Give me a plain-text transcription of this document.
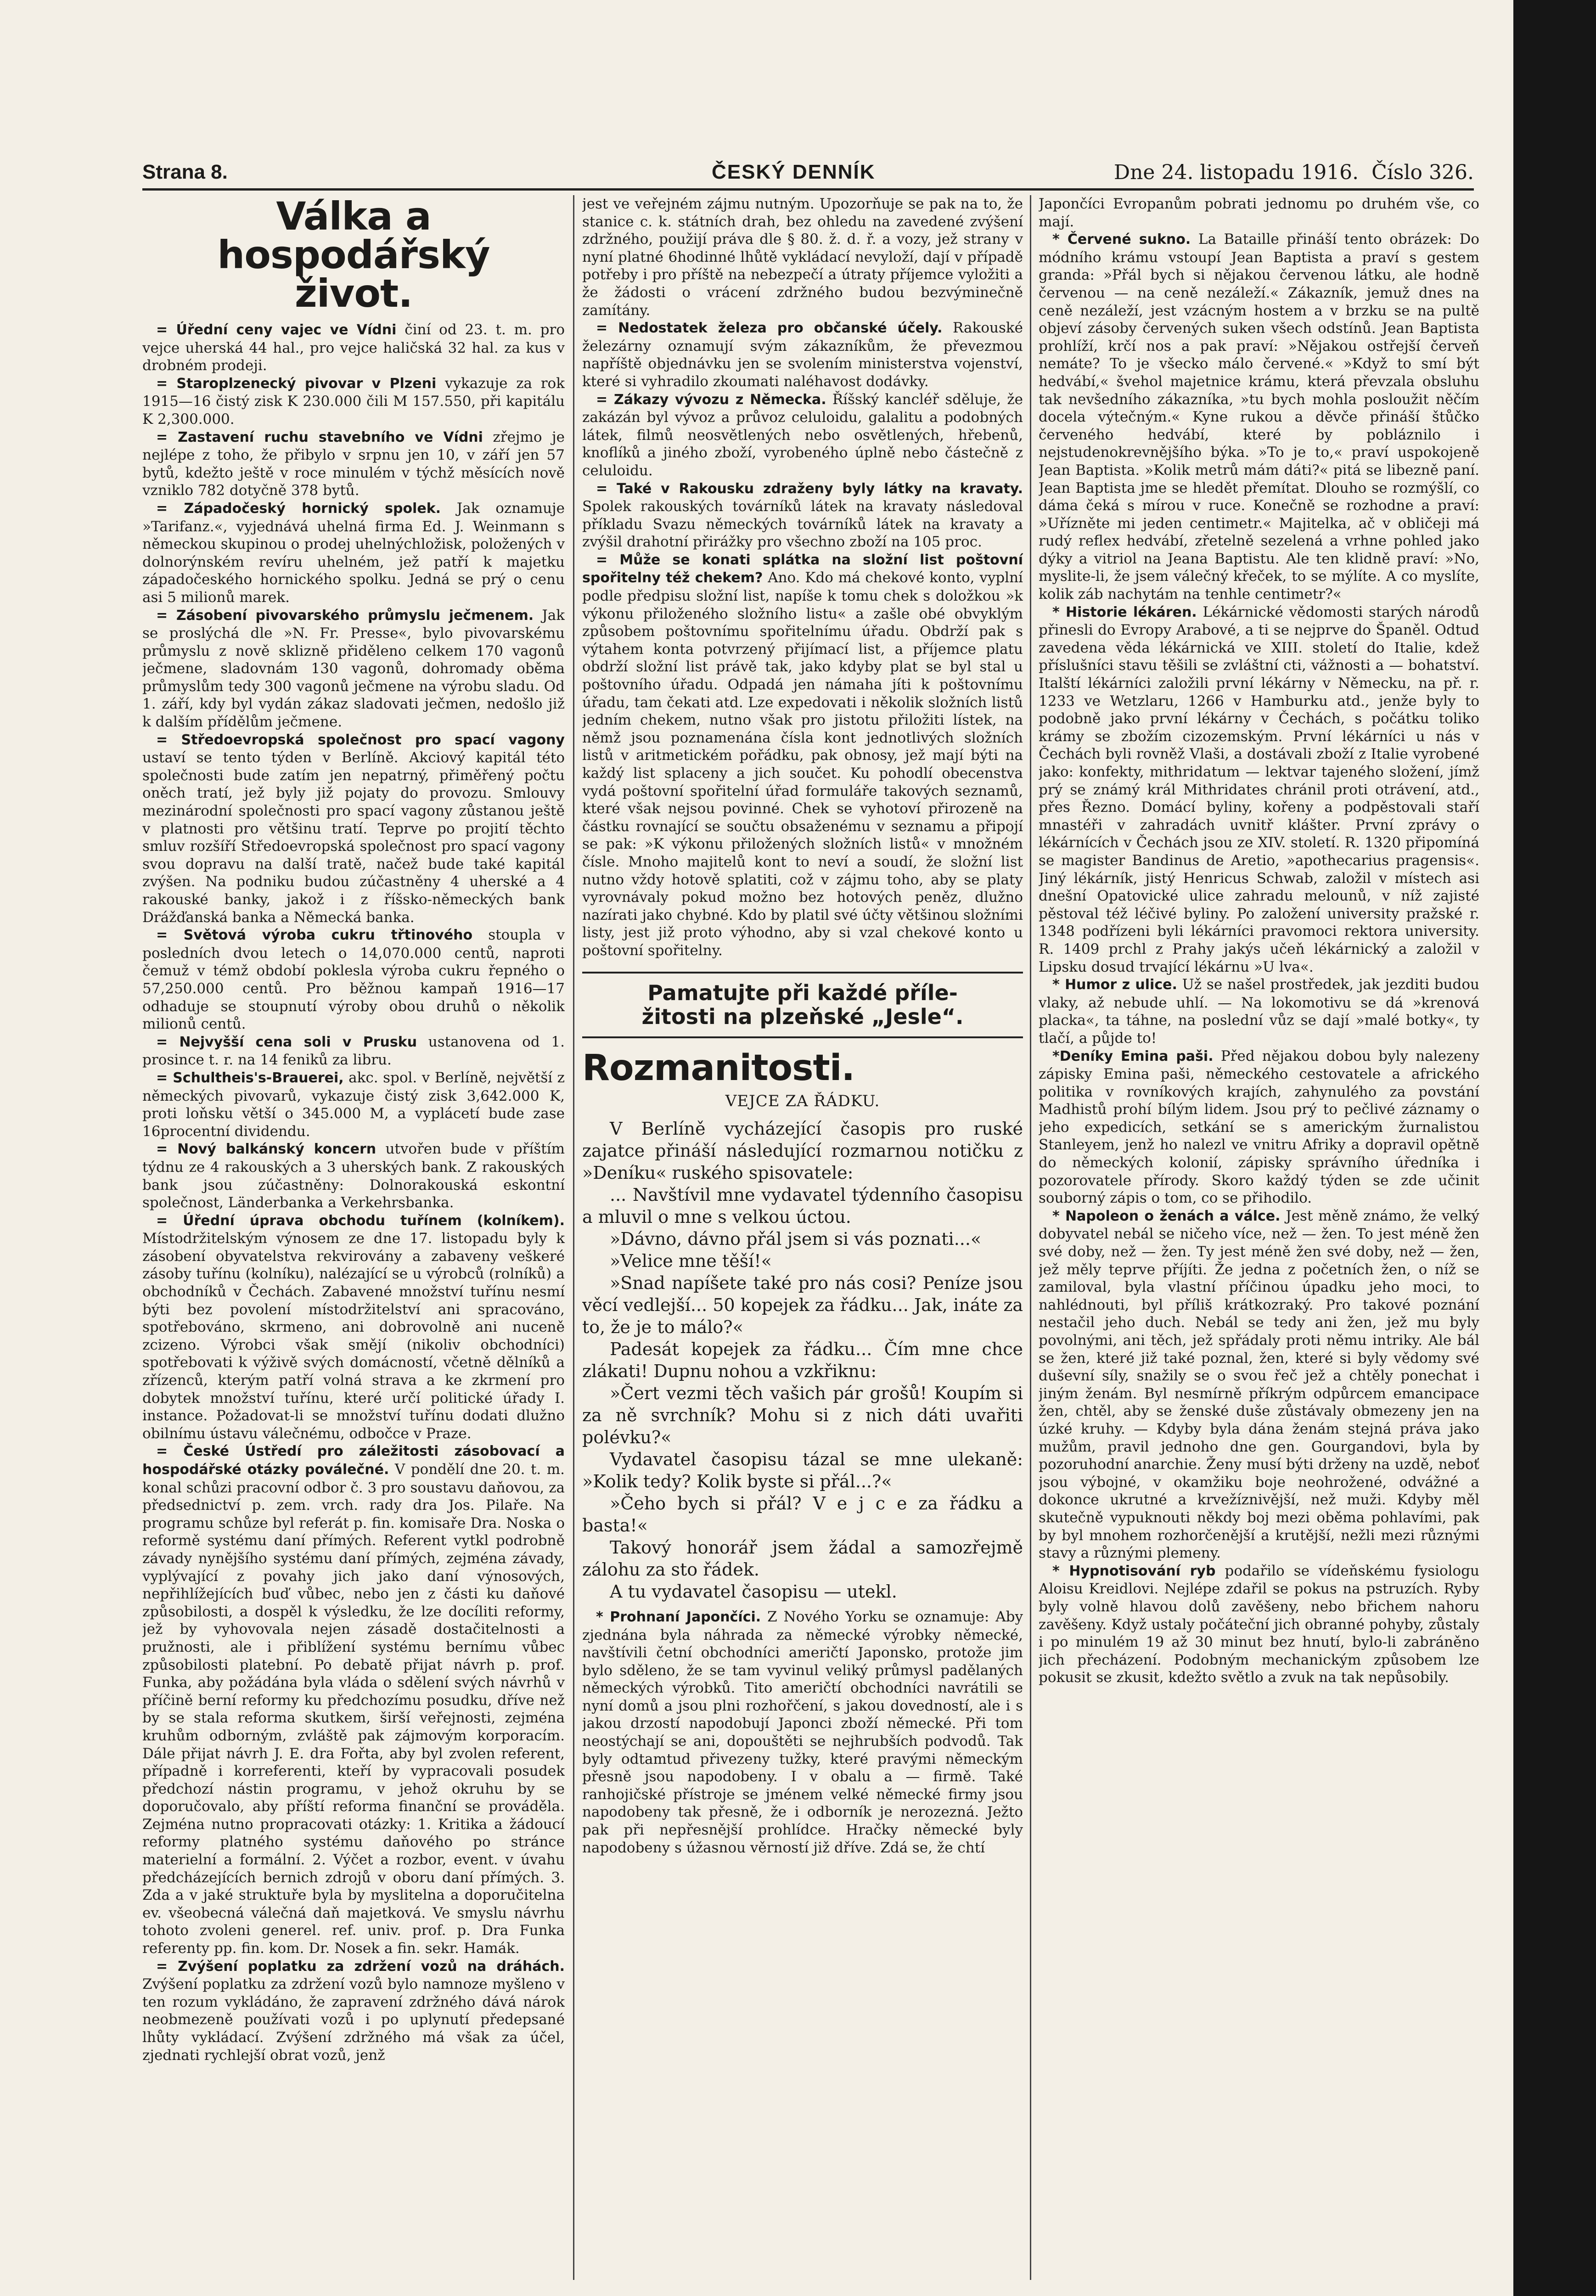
Strana 8.	ČESKÝ DENNÍK	Dne 24. listopadu 1916. Číslo 326.
Válka a hospodářský
život.

= Úřední ceny vajec ve Vídni činí od 23. t. m. pro vejce uherská 44 hal., pro vejce haličská 32 hal. za kus v drobném prodeji.

= Staroplzenecký pivovar v Plzeni vykazuje za rok 1915—16 čistý zisk K 230.000 čili M 157.550, při kapitálu K 2,300.000.

= Zastavení ruchu stavebního ve Vídni zřejmo je nejlépe z toho, že přibylo v srpnu jen 10, v září jen 57 bytů, kdežto ještě v roce minulém v týchž měsících nově vzniklo 782 dotyčně 378 bytů.

= Západočeský hornický spolek. Jak oznamuje »Tarifanz.«, vyjednává uhelná firma Ed. J. Weinmann s německou skupinou o prodej uhelnýchložisk, položených v dolnorýnském revíru uhelném, jež patří k majetku západočeského hornického spolku. Jedná se prý o cenu asi 5 milionů marek.

= Zásobení pivovarského průmyslu ječmenem. Jak se proslýchá dle »N. Fr. Presse«, bylo pivovarskému průmyslu z nově sklizně přiděleno celkem 170 vagonů ječmene, sladovnám 130 vagonů, dohromady oběma průmyslům tedy 300 vagonů ječmene na výrobu sladu. Od 1. září, kdy byl vydán zákaz sladovati ječmen, nedošlo již k dalším přídělům ječmene.

= Středoevropská společnost pro spací vagony ustaví se tento týden v Berlíně. Akciový kapitál této společnosti bude zatím jen nepatrný, přiměřený počtu oněch tratí, jež byly již pojaty do provozu. Smlouvy mezinárodní společnosti pro spací vagony zůstanou ještě v platnosti pro většinu tratí. Teprve po projití těchto smluv rozšíří Středoevropská společnost pro spací vagony svou dopravu na další tratě, načež bude také kapitál zvýšen. Na podniku budou zúčastněny 4 uherské a 4 rakouské banky, jakož i z říšsko-německých bank Drážďanská banka a Německá banka.

= Světová výroba cukru třtinového stoupla v posledních dvou letech o 14,070.000 centů, naproti čemuž v témž období poklesla výroba cukru řepného o 57,250.000 centů. Pro běžnou kampaň 1916—17 odhaduje se stoupnutí výroby obou druhů o několik milionů centů.

= Nejvyšší cena soli v Prusku ustanovena od 1. prosince t. r. na 14 feniků za libru.

= Schultheis's-Brauerei, akc. spol. v Berlíně, největší z německých pivovarů, vykazuje čistý zisk 3,642.000 K, proti loňsku větší o 345.000 M, a vyplácetí bude zase 16procentní dividendu.

= Nový balkánský koncern utvořen bude v příštím týdnu ze 4 rakouských a 3 uherských bank. Z rakouských bank jsou zúčastněny: Dolnorakouská eskontní společnost, Länderbanka a Verkehrsbanka.

= Úřední úprava obchodu tuřínem (kolníkem). Místodržitelským výnosem ze dne 17. listopadu byly k zásobení obyvatelstva rekvirovány a zabaveny veškeré zásoby tuřínu (kolníku), nalézající se u výrobců (rolníků) a obchodníků v Čechách. Zabavené množství tuřínu nesmí býti bez povolení místodržitelství ani spracováno, spotřebováno, skrmeno, ani dobrovolně ani nuceně zcizeno. Výrobci však smějí (nikoliv obchodníci) spotřebovati k výživě svých domácností, včetně dělníků a zřízenců, kterým patří volná strava a ke zkrmení pro dobytek množství tuřínu, které určí politické úřady I. instance. Požadovat-li se množství tuřínu dodati dlužno obilnímu ústavu válečnému, odbočce v Praze.

= České Ústředí pro záležitosti zásobovací a hospodářské otázky poválečné. V pondělí dne 20. t. m. konal schůzi pracovní odbor č. 3 pro soustavu daňovou, za předsednictví p. zem. vrch. rady dra Jos. Pilaře. Na programu schůze byl referát p. fin. komisaře Dra. Noska o reformě systému daní přímých. Referent vytkl podrobně závady nynějšího systému daní přímých, zejména závady, vyplývající z povahy jich jako daní výnosových, nepřihlížejících buď vůbec, nebo jen z části ku daňové způsobilosti, a dospěl k výsledku, že lze docíliti reformy, jež by vyhovovala nejen zásadě dostačitelnosti a pružnosti, ale i přiblížení systému bernímu vůbec způsobilosti platební. Po debatě přijat návrh p. prof. Funka, aby požádána byla vláda o sdělení svých návrhů v příčině berní reformy ku předchozímu posudku, dříve než by se stala reforma skutkem, širší veřejnosti, zejména kruhům odborným, zvláště pak zájmovým korporacím. Dále přijat návrh J. E. dra Fořta, aby byl zvolen referent, případně i korreferenti, kteří by vypracovali posudek předchozí nástin programu, v jehož okruhu by se doporučovalo, aby příští reforma finanční se prováděla. Zejména nutno propracovati otázky: 1. Kritika a žádoucí reformy platného systému daňového po stránce materielní a formální. 2. Výčet a rozbor, event. v úvahu předcházejících bernich zdrojů v oboru daní přímých. 3. Zda a v jaké struktuře byla by myslitelna a doporučitelna ev. všeobecná válečná daň majetková. Ve smyslu návrhu tohoto zvoleni generel. ref. univ. prof. p. Dra Funka referenty pp. fin. kom. Dr. Nosek a fin. sekr. Hamák.

= Zvýšení poplatku za zdržení vozů na dráhách. Zvýšení poplatku za zdržení vozů bylo namnoze myšleno v ten rozum vykládáno, že zapravení zdržného dává nárok neobmezeně používati vozů i po uplynutí předepsané lhůty vykládací. Zvýšení zdržného má však za účel, zjednati rychlejší obrat vozů, jenž

jest ve veřejném zájmu nutným. Upozorňuje se pak na to, že stanice c. k. státních drah, bez ohledu na zavedené zvýšení zdržného, použijí práva dle § 80. ž. d. ř. a vozy, jež strany v nyní platné 6hodinné lhůtě vykládací nevyloží, dají v případě potřeby i pro příště na nebezpečí a útraty příjemce vyložiti a že žádosti o vrácení zdržného budou bezvýminečně zamítány.

= Nedostatek železa pro občanské účely. Rakouské železárny oznamují svým zákazníkům, že převezmou napříště objednávku jen se svolením ministerstva vojenství, které si vyhradilo zkoumati naléhavost dodávky.

= Zákazy vývozu z Německa. Říšský kancléř sděluje, že zakázán byl vývoz a průvoz celuloidu, galalitu a podobných látek, filmů neosvětlených nebo osvětlených, hřebenů, knoflíků a jiného zboží, vyrobeného úplně nebo částečně z celuloidu.

= Také v Rakousku zdraženy byly látky na kravaty. Spolek rakouských továrníků látek na kravaty následoval příkladu Svazu německých továrníků látek na kravaty a zvýšil drahotní přirážky pro všechno zboží na 105 proc.

= Může se konati splátka na složní list poštovní spořitelny též chekem? Ano. Kdo má chekové konto, vyplní podle předpisu složní list, napíše k tomu chek s doložkou »k výkonu přiloženého složního listu« a zašle obé obvyklým způsobem poštovnímu spořitelnímu úřadu. Obdrží pak s výtahem konta potvrzený přijímací list, a příjemce platu obdrží složní list právě tak, jako kdyby plat se byl stal u poštovního úřadu. Odpadá jen námaha jíti k poštovnímu úřadu, tam čekati atd. Lze expedovati i několik složních listů jedním chekem, nutno však pro jistotu přiložiti lístek, na němž jsou poznamenána čísla kont jednotlivých složních listů v aritmetickém pořádku, pak obnosy, jež mají býti na každý list splaceny a jich součet. Ku pohodlí obecenstva vydá poštovní spořitelní úřad formuláře takových seznamů, které však nejsou povinné. Chek se vyhotoví přirozeně na částku rovnající se součtu obsaženému v seznamu a připojí se pak: »K výkonu přiložených složních listů« v množném čísle. Mnoho majitelů kont to neví a soudí, že složní list nutno vždy hotově splatiti, což v zájmu toho, aby se platy vyrovnávaly pokud možno bez hotových peněz, dlužno nazírati jako chybné. Kdo by platil své účty většinou složními listy, jest již proto výhodno, aby si vzal chekové konto u poštovní spořitelny.

Pamatujte při každé příle-
žitosti na plzeňské „Jesle“.
Rozmanitosti.
VEJCE ZA ŘÁDKU.

V Berlíně vycházející časopis pro ruské zajatce přináší následující rozmarnou notičku z »Deníku« ruského spisovatele:

... Navštívil mne vydavatel týdenního časopisu a mluvil o mne s velkou úctou.

»Dávno, dávno přál jsem si vás poznati...«

»Velice mne těší!«

»Snad napíšete také pro nás cosi? Peníze jsou věcí vedlejší... 50 kopejek za řádku... Jak, ináte za to, že je to málo?«

Padesát kopejek za řádku... Čím mne chce zlákati! Dupnu nohou a vzkřiknu:

»Čert vezmi těch vašich pár grošů! Koupím si za ně svrchník? Mohu si z nich dáti uvařiti polévku?«

Vydavatel časopisu tázal se mne ulekaně: »Kolik tedy? Kolik byste si přál...?«

»Čeho bych si přál? V e j c e za řádku a basta!«

Takový honorář jsem žádal a samozřejmě zálohu za sto řádek.

A tu vydavatel časopisu — utekl.

* Prohnaní Japončíci. Z Nového Yorku se oznamuje: Aby zjednána byla náhrada za německé výrobky německé, navštívili četní obchodníci američtí Japonsko, protože jim bylo sděleno, že se tam vyvinul veliký průmysl padělaných německých výrobků. Tito američtí obchodníci navrátili se nyní domů a jsou plni rozhořčení, s jakou dovedností, ale i s jakou drzostí napodobují Japonci zboží německé. Při tom neostýchají se ani, dopouštěti se nejhrubších podvodů. Tak byly odtamtud přivezeny tužky, které pravými německým přesně jsou napodobeny. I v obalu a — firmě. Také ranhojičské přístroje se jménem velké německé firmy jsou napodobeny tak přesně, že i odborník je nerozezná. Ježto pak při nepřesnější prohlídce. Hračky německé byly napodobeny s úžasnou věrností již dříve. Zdá se, že chtí

Japončíci Evropanům pobrati jednomu po druhém vše, co mají.

* Červené sukno. La Bataille přináší tento obrázek: Do módního krámu vstoupí Jean Baptista a praví s gestem granda: »Přál bych si nějakou červenou látku, ale hodně červenou — na ceně nezáleží.« Zákazník, jemuž dnes na ceně nezáleží, jest vzácným hostem a v brzku se na pultě objeví zásoby červených suken všech odstínů. Jean Baptista prohlíží, krčí nos a pak praví: »Nějakou ostřejší červeň nemáte? To je všecko málo červené.« »Když to smí být hedvábí,« švehol majetnice krámu, která převzala obsluhu tak nevšedního zákazníka, »tu bych mohla posloužit něčím docela výtečným.« Kyne rukou a děvče přináší štůčko červeného hedvábí, které by pobláznilo i nejstudenokrevnějšího býka. »To je to,« praví uspokojeně Jean Baptista. »Kolik metrů mám dáti?« pitá se libezně paní. Jean Baptista jme se hledět přemítat. Dlouho se rozmýšlí, co dáma čeká s mírou v ruce. Konečně se rozhodne a praví: »Uřízněte mi jeden centimetr.« Majitelka, ač v obličeji má rudý reflex hedvábí, zřetelně sezelená a vrhne pohled jako dýky a vitriol na Jeana Baptistu. Ale ten klidně praví: »No, myslite-li, že jsem válečný křeček, to se mýlíte. A co myslíte, kolik záb nachytám na tenhle centimetr?«

* Historie lékáren. Lékárnické vědomosti starých národů přinesli do Evropy Arabové, a ti se nejprve do Španěl. Odtud zavedena věda lékárnická ve XIII. století do Italie, kdež příslušníci stavu těšili se zvláštní cti, vážnosti a — bohatství. Italští lékárníci založili první lékárny v Německu, na př. r. 1233 ve Wetzlaru, 1266 v Hamburku atd., jenže byly to podobně jako první lékárny v Čechách, s počátku toliko krámy se zbožím cizozemským. První lékárníci u nás v Čechách byli rovněž Vlaši, a dostávali zboží z Italie vyrobené jako: konfekty, mithridatum — lektvar tajeného složení, jímž prý se známý král Mithridates chránil proti otrávení, atd., přes Řezno. Domácí byliny, kořeny a podpěstovali staří mnastéři v zahradách uvnitř klášter. První zprávy o lékárnících v Čechách jsou ze XIV. století. R. 1320 připomíná se magister Bandinus de Aretio, »apothecarius pragensis«. Jiný lékárník, jistý Henricus Schwab, založil v místech asi dnešní Opatovické ulice zahradu melounů, v níž zajisté pěstoval též léčivé byliny. Po založení university pražské r. 1348 podřízeni byli lékárníci pravomoci rektora university. R. 1409 prchl z Prahy jakýs učeň lékárnický a založil v Lipsku dosud trvající lékárnu »U lva«.

* Humor z ulice. Už se našel prostředek, jak jezditi budou vlaky, až nebude uhlí. — Na lokomotivu se dá »krenová placka«, ta táhne, na poslední vůz se dají »malé botky«, ty tlačí, a půjde to!

*Deníky Emina paši. Před nějakou dobou byly nalezeny zápisky Emina paši, německého cestovatele a afrického politika v rovníkových krajích, zahynulého za povstání Madhistů prohí bílým lidem. Jsou prý to pečlivé záznamy o jeho expedicích, setkání se s americkým žurnalistou Stanleyem, jenž ho nalezl ve vnitru Afriky a dopravil opětně do německých kolonií, zápisky správního úředníka i pozorovatele přírody. Skoro každý týden se zde učinit souborný zápis o tom, co se přihodilo.

* Napoleon o ženách a válce. Jest měně známo, že velký dobyvatel nebál se ničeho více, než — žen. To jest méně žen své doby, než — žen. Ty jest méně žen své doby, než — žen, jež měly teprve příjíti. Že jedna z početních žen, o níž se zamiloval, byla vlastní příčinou úpadku jeho moci, to nahlédnouti, byl příliš krátkozraký. Pro takové poznání nestačil jeho duch. Nebál se tedy ani žen, jež mu byly povolnými, ani těch, jež spřádaly proti němu intriky. Ale bál se žen, které již také poznal, žen, které si byly vědomy své duševní síly, snažily se o svou řeč jež a chtěly ponechat i jiným ženám. Byl nesmírně příkrým odpůrcem emancipace žen, chtěl, aby se ženské duše zůstávaly obmezeny jen na úzké kruhy. — Kdyby byla dána ženám stejná práva jako mužům, pravil jednoho dne gen. Gourgandovi, byla by pozoruhodní anarchie. Ženy musí býti drženy na uzdě, neboť jsou výbojné, v okamžiku boje neohrožené, odvážné a dokonce ukrutné a krvežíznivější, než muži. Kdyby měl skutečně vypuknouti někdy boj mezi oběma pohlavími, pak by byl mnohem rozhorčenější a krutější, nežli mezi různými stavy a různými plemeny.

* Hypnotisování ryb podařilo se vídeňskému fysiologu Aloisu Kreidlovi. Nejlépe zdařil se pokus na pstruzích. Ryby byly volně hlavou dolů zavěšeny, nebo břichem nahoru zavěšeny. Když ustaly počáteční jich obranné pohyby, zůstaly i po minulém 19 až 30 minut bez hnutí, bylo-li zabráněno jich přecházení. Podobným mechanickým způsobem lze pokusit se zkusit, kdežto světlo a zvuk na tak nepůsobily.
